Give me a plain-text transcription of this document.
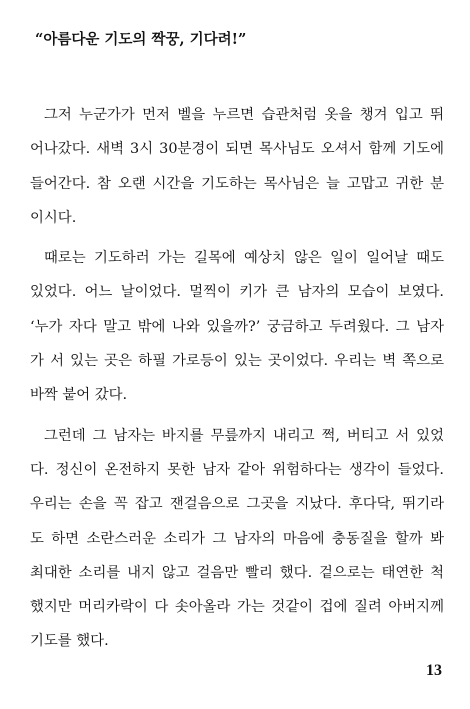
“아름다운 기도의 짝꿍, 기다려!”
그저 누군가가 먼저 벨을 누르면 습관처럼 옷을 챙겨 입고 뛰
어나갔다. 새벽 3시 30분경이 되면 목사님도 오셔서 함께 기도에
들어간다. 참 오랜 시간을 기도하는 목사님은 늘 고맙고 귀한 분
이시다.
때로는 기도하러 가는 길목에 예상치 않은 일이 일어날 때도
있었다. 어느 날이었다. 멀찍이 키가 큰 남자의 모습이 보였다.
‘누가 자다 말고 밖에 나와 있을까?’ 궁금하고 두려웠다. 그 남자
가 서 있는 곳은 하필 가로등이 있는 곳이었다. 우리는 벽 쪽으로
바짝 붙어 갔다.
그런데 그 남자는 바지를 무릎까지 내리고 쩍, 버티고 서 있었
다. 정신이 온전하지 못한 남자 같아 위험하다는 생각이 들었다.
우리는 손을 꼭 잡고 잰걸음으로 그곳을 지났다. 후다닥, 뛰기라
도 하면 소란스러운 소리가 그 남자의 마음에 충동질을 할까 봐
최대한 소리를 내지 않고 걸음만 빨리 했다. 겉으로는 태연한 척
했지만 머리카락이 다 솟아올라 가는 것같이 겁에 질려 아버지께
기도를 했다.
13
